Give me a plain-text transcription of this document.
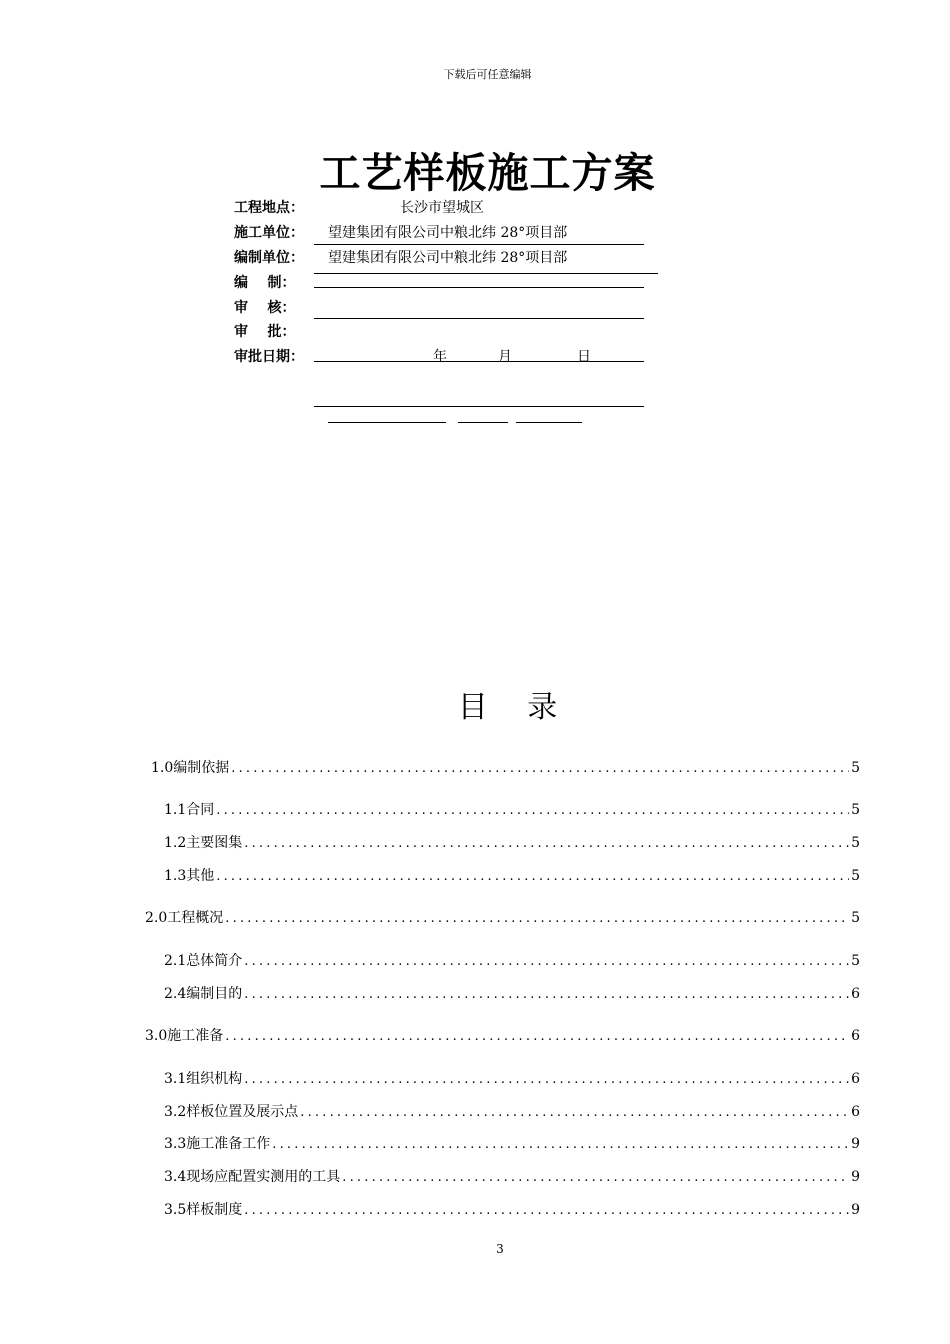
下载后可任意编辑
工艺样板施工方案
工程地点：	长沙市望城区
施工单位： 望建集团有限公司中粮北纬 28°项目部
编制单位： 望建集团有限公司中粮北纬 28°项目部
编    制：
审    核：
审    批：
审批日期：	年	月	日
目 录
1.0编制依据 .....	5
1.1合同 .....	5
1.2主要图集 .....	5
1.3其他 .....	5
2.0工程概况 .....	5
2.1总体简介 .....	5
2.4编制目的 .....	6
3.0施工准备 .....	6
3.1组织机构 .....	6
3.2样板位置及展示点 .....	6
3.3施工准备工作 .....	9
3.4现场应配置实测用的工具 .....	9
3.5样板制度 .....	9
3
